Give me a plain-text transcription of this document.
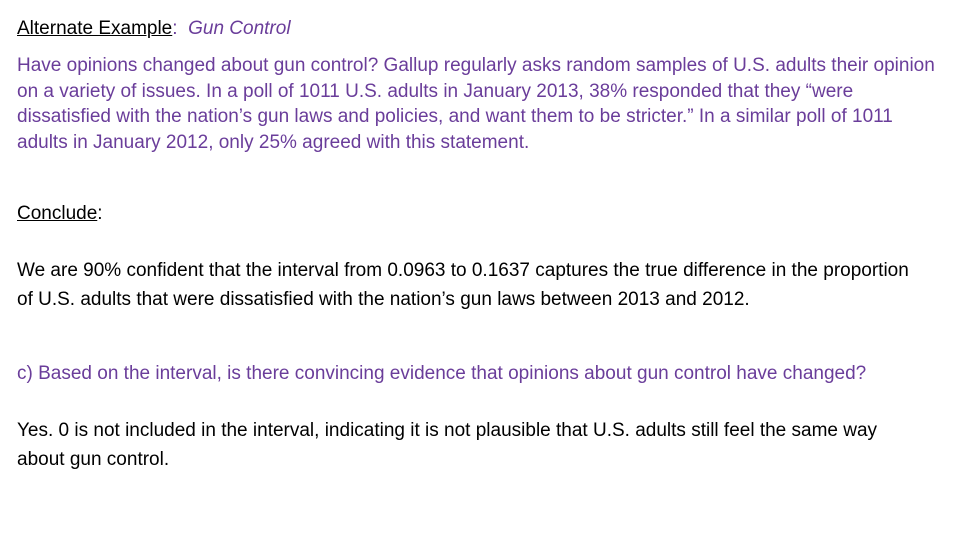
Alternate Example: Gun Control
Have opinions changed about gun control? Gallup regularly asks random samples of U.S. adults their opinion on a variety of issues. In a poll of 1011 U.S. adults in January 2013, 38% responded that they “were dissatisfied with the nation’s gun laws and policies, and want them to be stricter.” In a similar poll of 1011 adults in January 2012, only 25% agreed with this statement.
Conclude:
We are 90% confident that the interval from 0.0963 to 0.1637 captures the true difference in the proportion of U.S. adults that were dissatisfied with the nation’s gun laws between 2013 and 2012.
c) Based on the interval, is there convincing evidence that opinions about gun control have changed?
Yes. 0 is not included in the interval, indicating it is not plausible that U.S. adults still feel the same way about gun control.
